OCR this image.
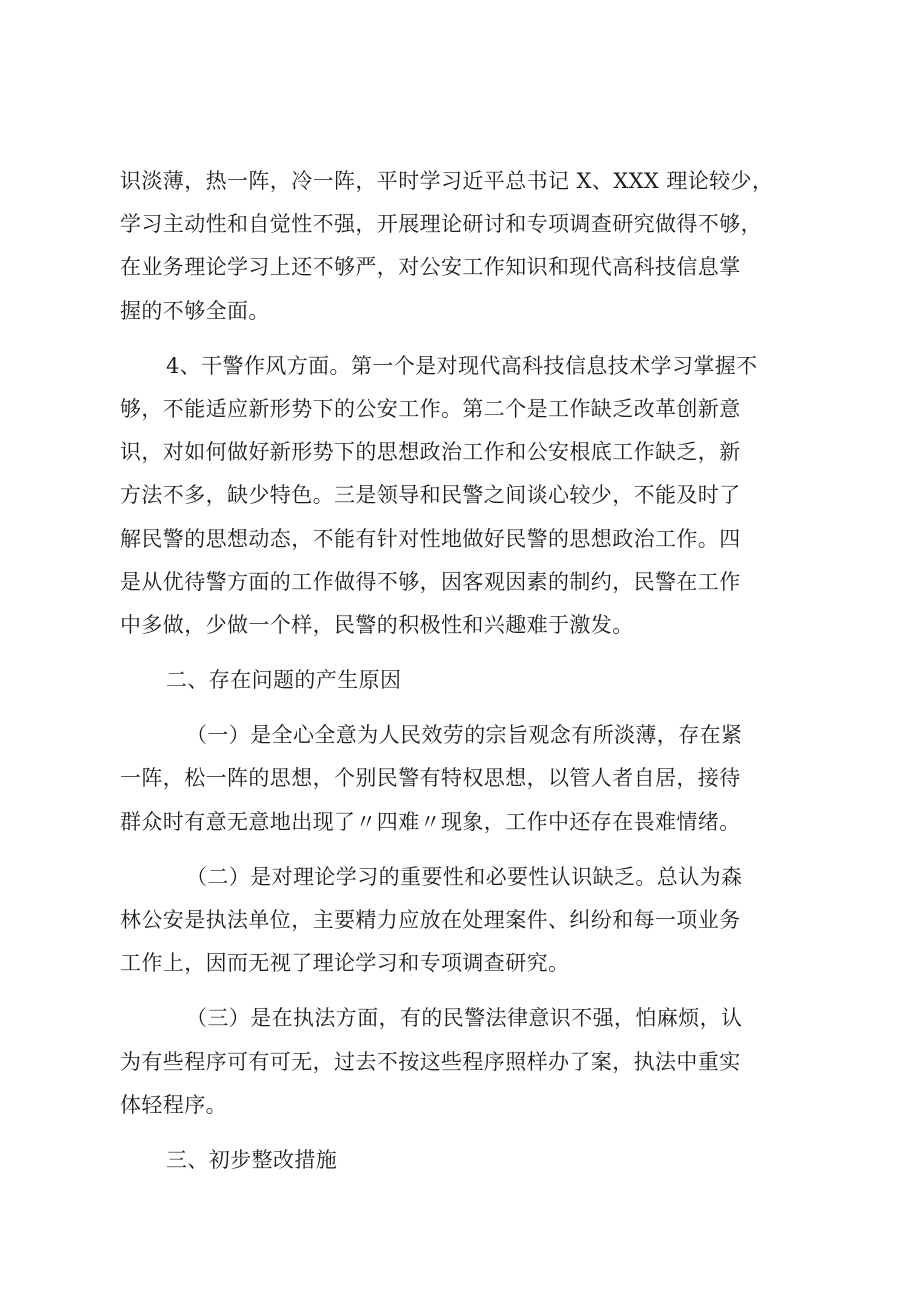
识淡薄，热一阵，冷一阵，平时学习近平总书记 X、XXX 理论较少，
学习主动性和自觉性不强，开展理论研讨和专项调查研究做得不够，
在业务理论学习上还不够严，对公安工作知识和现代高科技信息掌
握的不够全面。
4、干警作风方面。第一个是对现代高科技信息技术学习掌握不
够，不能适应新形势下的公安工作。第二个是工作缺乏改革创新意
识，对如何做好新形势下的思想政治工作和公安根底工作缺乏，新
方法不多，缺少特色。三是领导和民警之间谈心较少，不能及时了
解民警的思想动态，不能有针对性地做好民警的思想政治工作。四
是从优待警方面的工作做得不够，因客观因素的制约，民警在工作
中多做，少做一个样，民警的积极性和兴趣难于激发。
二、存在问题的产生原因
（一）是全心全意为人民效劳的宗旨观念有所淡薄，存在紧
一阵，松一阵的思想，个别民警有特权思想，以管人者自居，接待
群众时有意无意地出现了〃四难〃现象，工作中还存在畏难情绪。
（二）是对理论学习的重要性和必要性认识缺乏。总认为森
林公安是执法单位，主要精力应放在处理案件、纠纷和每一项业务
工作上，因而无视了理论学习和专项调查研究。
（三）是在执法方面，有的民警法律意识不强，怕麻烦，认
为有些程序可有可无，过去不按这些程序照样办了案，执法中重实
体轻程序。
三、初步整改措施
